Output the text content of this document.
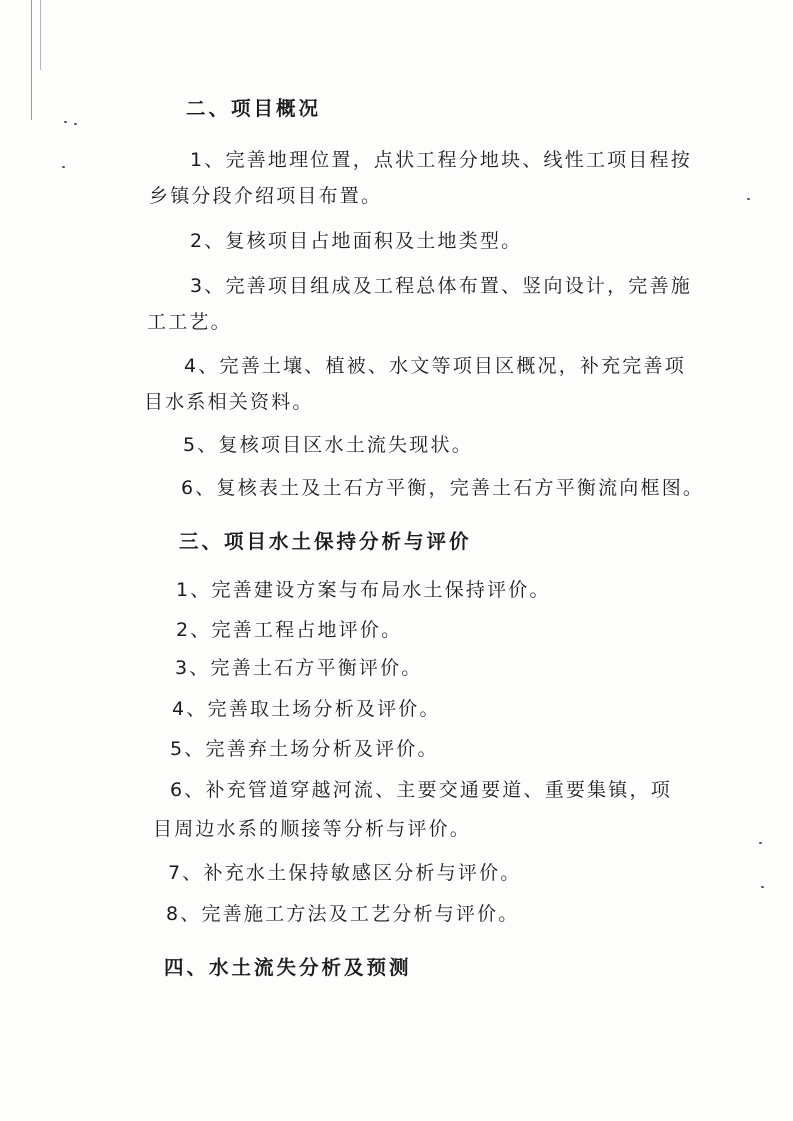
二、项目概况
1、完善地理位置，点状工程分地块、线性工项目程按
乡镇分段介绍项目布置。
2、复核项目占地面积及土地类型。
3、完善项目组成及工程总体布置、竖向设计，完善施
工工艺。
4、完善土壤、植被、水文等项目区概况，补充完善项
目水系相关资料。
5、复核项目区水土流失现状。
6、复核表土及土石方平衡，完善土石方平衡流向框图。
三、项目水土保持分析与评价
1、完善建设方案与布局水土保持评价。
2、完善工程占地评价。
3、完善土石方平衡评价。
4、完善取土场分析及评价。
5、完善弃土场分析及评价。
6、补充管道穿越河流、主要交通要道、重要集镇，项
目周边水系的顺接等分析与评价。
7、补充水土保持敏感区分析与评价。
8、完善施工方法及工艺分析与评价。
四、水土流失分析及预测
